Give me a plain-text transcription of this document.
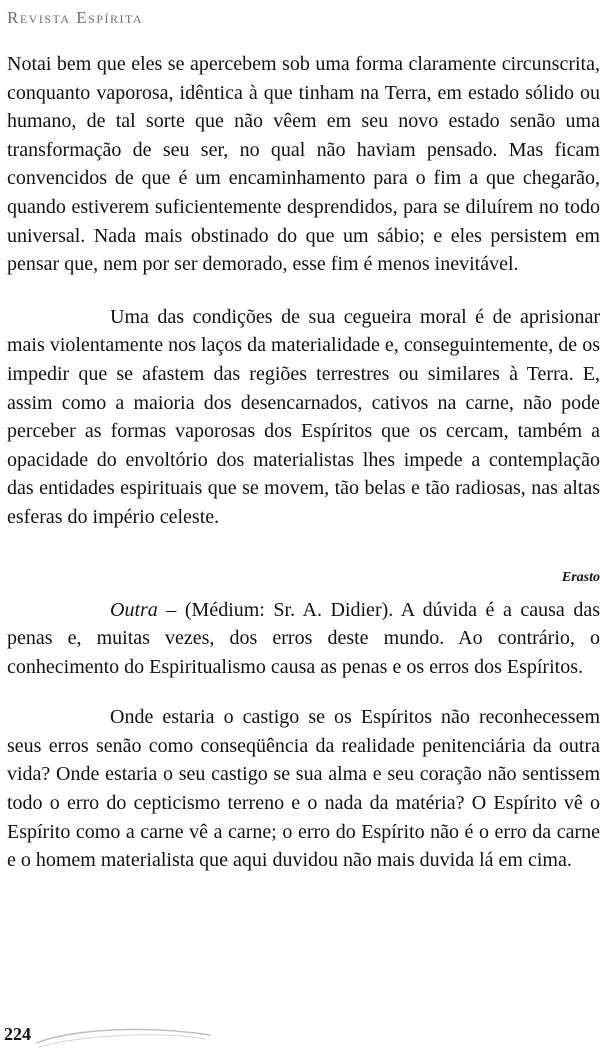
Revista Espírita

Notai bem que eles se apercebem sob uma forma claramente circunscrita, conquanto vaporosa, idêntica à que tinham na Terra, em estado sólido ou humano, de tal sorte que não vêem em seu novo estado senão uma transformação de seu ser, no qual não haviam pensado. Mas ficam convencidos de que é um encaminhamento para o fim a que chegarão, quando estiverem suficientemente desprendidos, para se diluírem no todo universal. Nada mais obstinado do que um sábio; e eles persistem em pensar que, nem por ser demorado, esse fim é menos inevitável.

Uma das condições de sua cegueira moral é de aprisionar mais violentamente nos laços da materialidade e, conseguintemente, de os impedir que se afastem das regiões terrestres ou similares à Terra. E, assim como a maioria dos desencarnados, cativos na carne, não pode perceber as formas vaporosas dos Espíritos que os cercam, também a opacidade do envoltório dos materialistas lhes impede a contemplação das entidades espirituais que se movem, tão belas e tão radiosas, nas altas esferas do império celeste.

Erasto

Outra – (Médium: Sr. A. Didier). A dúvida é a causa das penas e, muitas vezes, dos erros deste mundo. Ao contrário, o conhecimento do Espiritualismo causa as penas e os erros dos Espíritos.

Onde estaria o castigo se os Espíritos não reconhecessem seus erros senão como conseqüência da realidade penitenciária da outra vida? Onde estaria o seu castigo se sua alma e seu coração não sentissem todo o erro do cepticismo terreno e o nada da matéria? O Espírito vê o Espírito como a carne vê a carne; o erro do Espírito não é o erro da carne e o homem materialista que aqui duvidou não mais duvida lá em cima.

224
